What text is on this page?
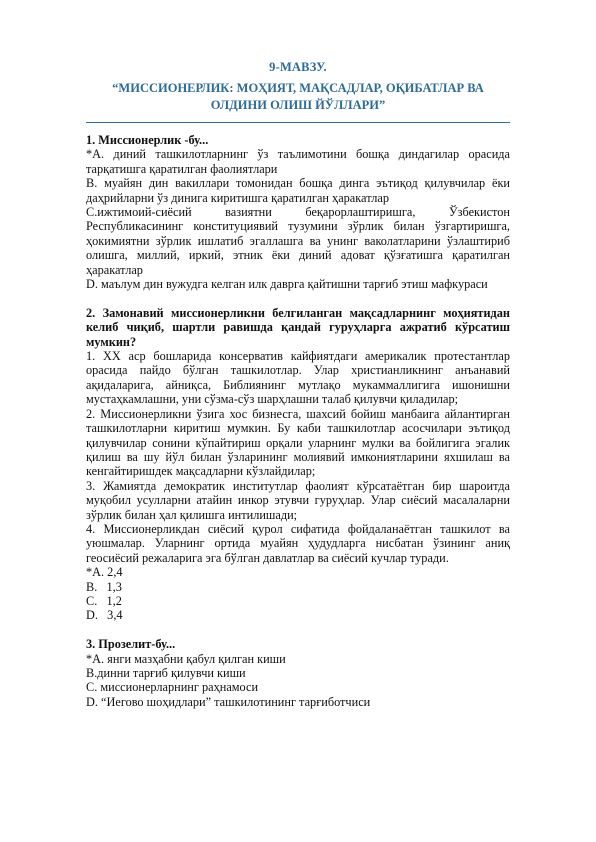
9-МАВЗУ.
“МИССИОНЕРЛИК: МОҲИЯТ, МАҚСАДЛАР, ОҚИБАТЛАР ВА ОЛДИНИ ОЛИШ ЙЎЛЛАРИ”

1. Миссионерлик -бу...

*А. диний ташкилотларнинг ўз таълимотини бошқа диндагилар орасида тарқатишга қаратилган фаолиятлари

B. муайян дин вакиллари томонидан бошқа динга эътиқод қилувчилар ёки даҳрийларни ўз динига киритишга қаратилган ҳаракатлар

C.ижтимоий-сиёсий вазиятни беқарорлаштиришга, Ўзбекистон Республикасининг конституциявий тузумини зўрлик билан ўзгартиришга, ҳокимиятни зўрлик ишлатиб эгаллашга ва унинг ваколатларини ўзлаштириб олишга, миллий, иркий, этник ёки диний адоват қўзғатишга қаратилган ҳаракатлар

D. маълум дин вужудга келган илк даврга қайтишни тарғиб этиш мафкураси

2. Замонавий миссионерликни белгиланган мақсадларнинг моҳиятидан келиб чиқиб, шартли равишда қандай гуруҳларга ажратиб кўрсатиш мумкин?

1. XX аср бошларида консерватив кайфиятдаги америкалик протестантлар орасида пайдо бўлган ташкилотлар. Улар христианликнинг анъанавий ақидаларига, айниқса, Библиянинг мутлақо мукаммаллигига ишонишни мустаҳкамлашни, уни сўзма-сўз шарҳлашни талаб қилувчи қиладилар;

2. Миссионерликни ўзига хос бизнесга, шахсий бойиш манбаига айлантирган ташкилотларни киритиш мумкин. Бу каби ташкилотлар асосчилари эътиқод қилувчилар сонини кўпайтириш орқали уларнинг мулки ва бойлигига эгалик қилиш ва шу йўл билан ўзларининг молиявий имкониятларини яхшилаш ва кенгайтиришдек мақсадларни кўзлайдилар;

3. Жамиятда демократик институтлар фаолият кўрсатаётган бир шароитда муқобил усулларни атайин инкор этувчи гуруҳлар. Улар сиёсий масалаларни зўрлик билан ҳал қилишга интилишади;

4. Миссионерликдан сиёсий қурол сифатида фойдаланаётган ташкилот ва уюшмалар. Уларнинг ортида муайян ҳудудларга нисбатан ўзининг аниқ геосиёсий режаларига эга бўлган давлатлар ва сиёсий кучлар туради.

*A. 2,4

B.   1,3

C.   1,2

D.   3,4

3. Прозелит-бу...

*А. янги мазҳабни қабул қилган киши

B.динни тарғиб қилувчи киши

C. миссионерларнинг раҳнамоси

D. “Иегово шоҳидлари” ташкилотининг тарғиботчиси
